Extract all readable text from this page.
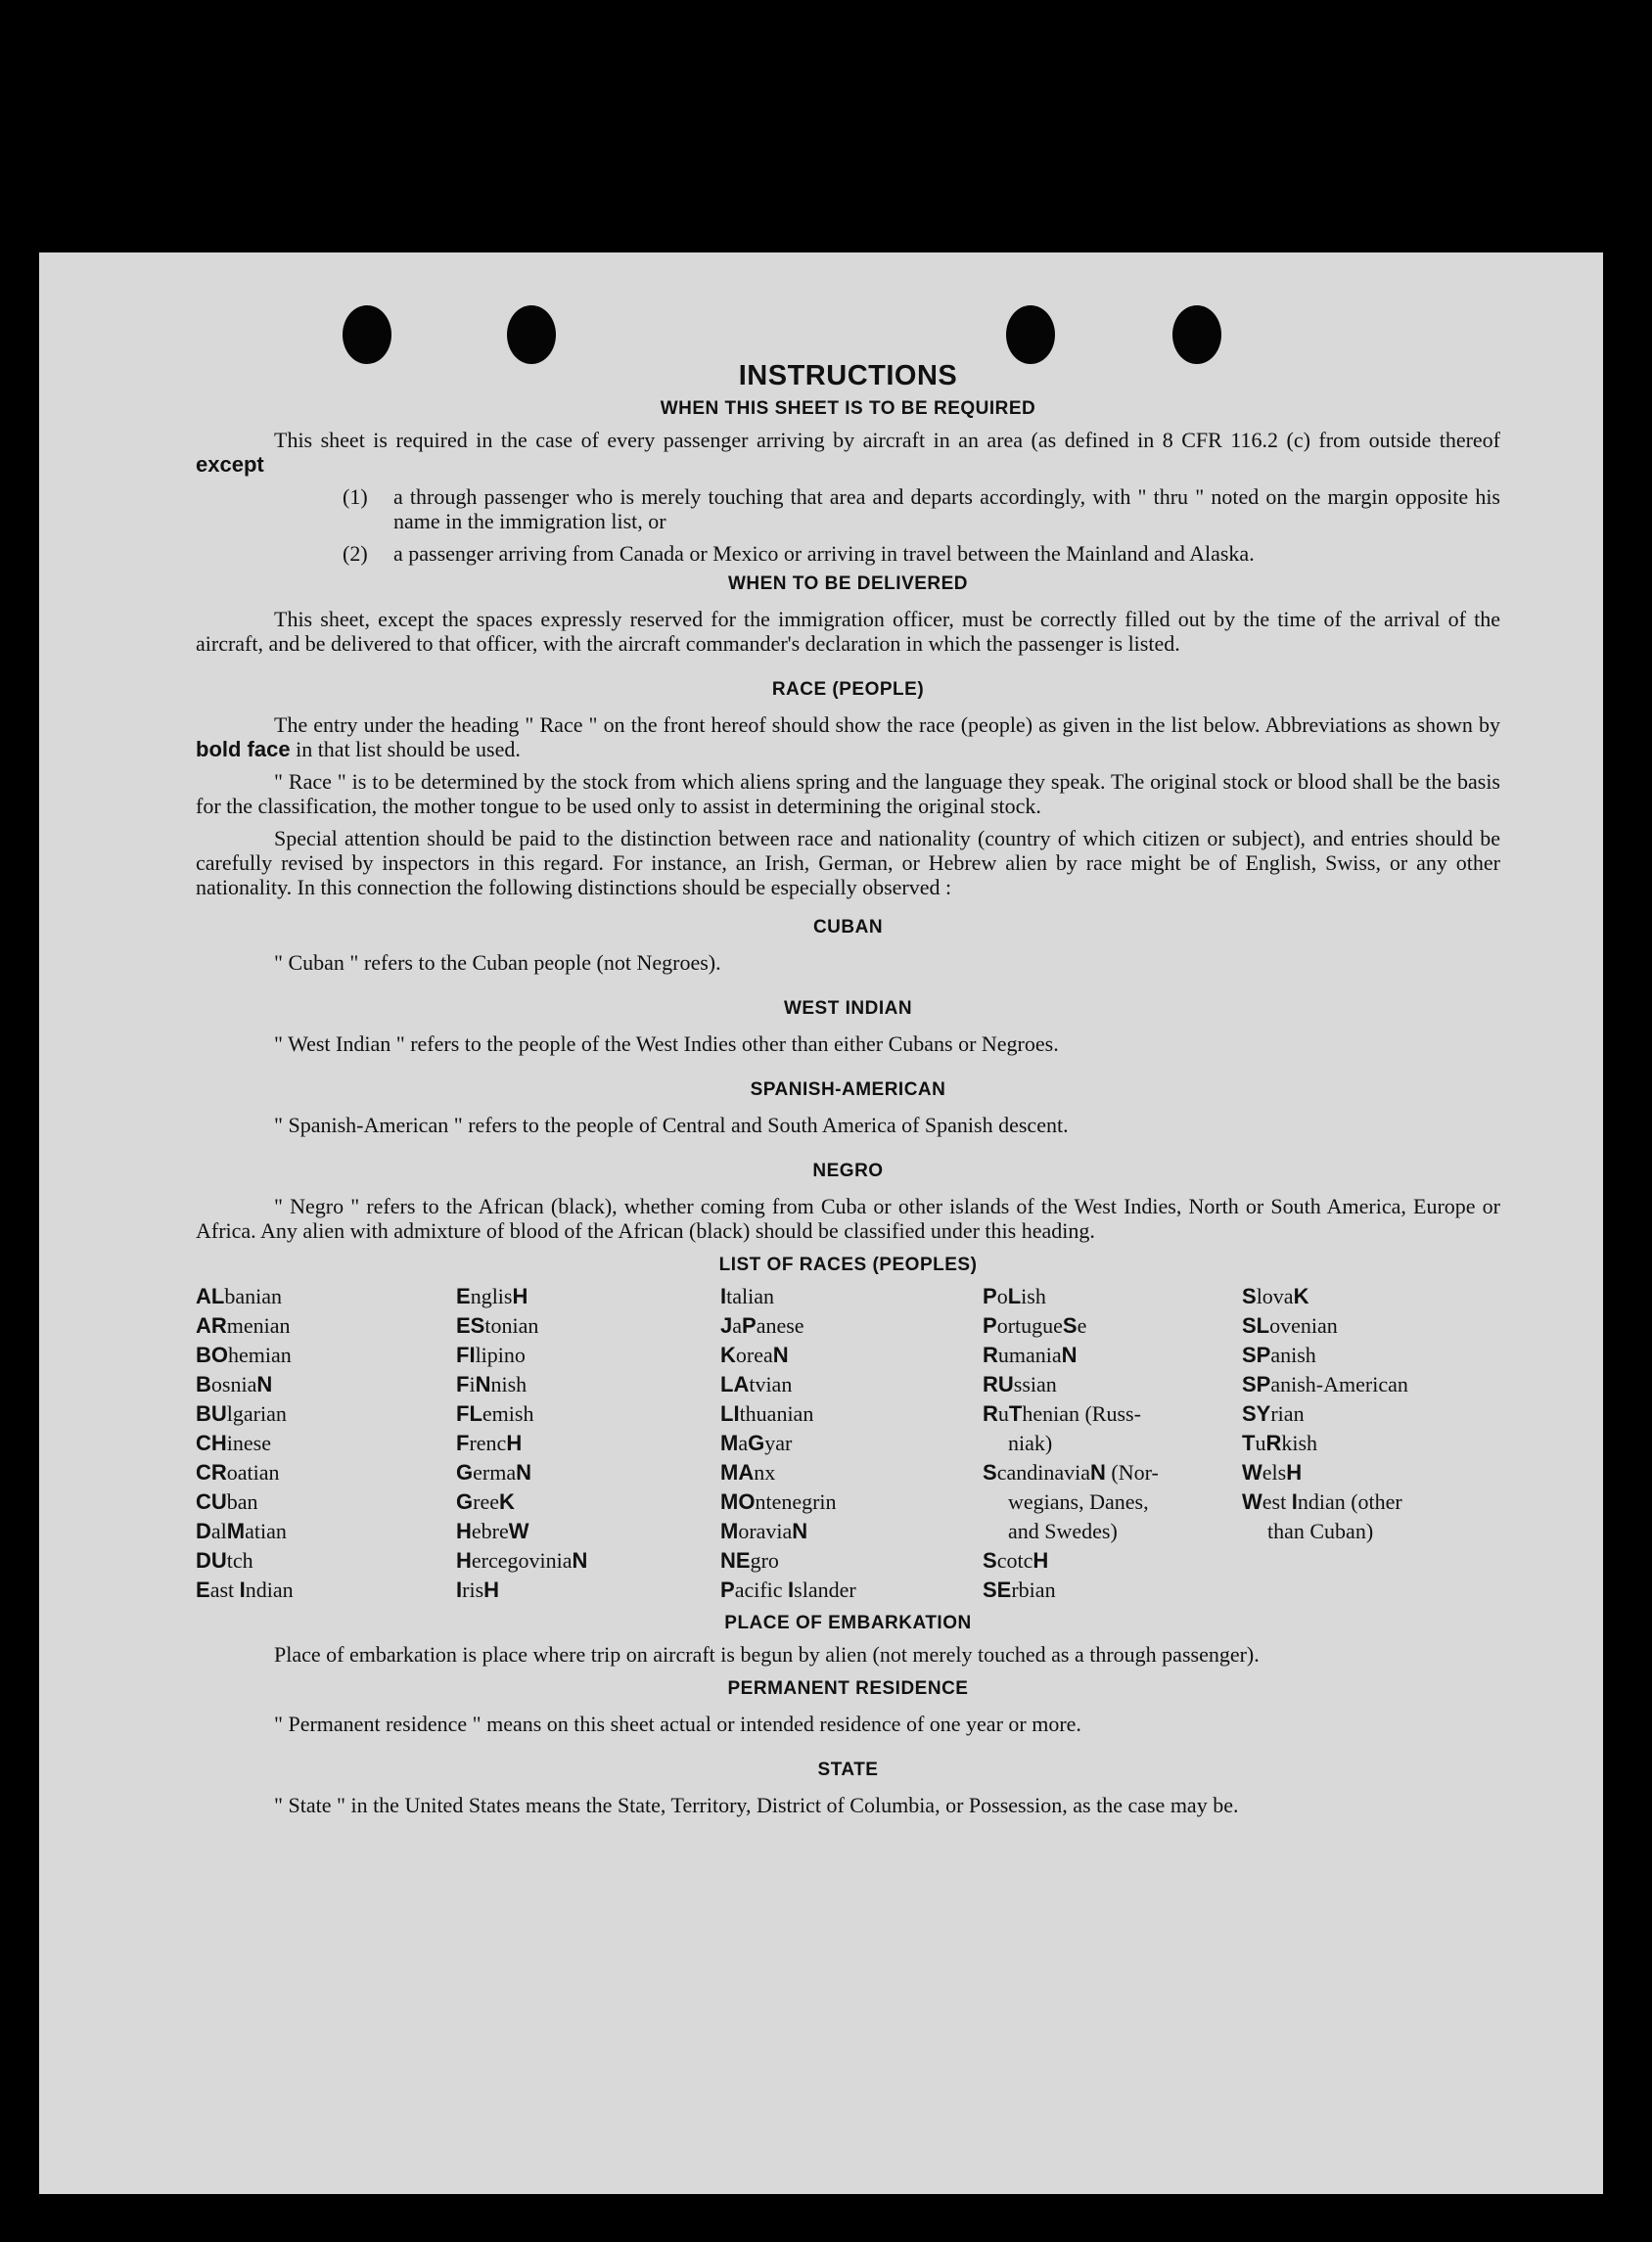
INSTRUCTIONS
WHEN THIS SHEET IS TO BE REQUIRED

This sheet is required in the case of every passenger arriving by aircraft in an area (as defined in 8 CFR 116.2 (c) from outside thereof except

(1)	a through passenger who is merely touching that area and departs accordingly, with " thru " noted on the margin opposite his name in the immigration list, or
(2)	a passenger arriving from Canada or Mexico or arriving in travel between the Mainland and Alaska.
WHEN TO BE DELIVERED

This sheet, except the spaces expressly reserved for the immigration officer, must be correctly filled out by the time of the arrival of the aircraft, and be delivered to that officer, with the aircraft commander's declaration in which the passenger is listed.

RACE (PEOPLE)

The entry under the heading " Race " on the front hereof should show the race (people) as given in the list below. Abbreviations as shown by bold face in that list should be used.

" Race " is to be determined by the stock from which aliens spring and the language they speak. The original stock or blood shall be the basis for the classification, the mother tongue to be used only to assist in determining the original stock.

Special attention should be paid to the distinction between race and nationality (country of which citizen or subject), and entries should be carefully revised by inspectors in this regard. For instance, an Irish, German, or Hebrew alien by race might be of English, Swiss, or any other nationality. In this connection the following distinctions should be especially observed :

CUBAN

" Cuban " refers to the Cuban people (not Negroes).

WEST INDIAN

" West Indian " refers to the people of the West Indies other than either Cubans or Negroes.

SPANISH-AMERICAN

" Spanish-American " refers to the people of Central and South America of Spanish descent.

NEGRO

" Negro " refers to the African (black), whether coming from Cuba or other islands of the West Indies, North or South America, Europe or Africa. Any alien with admixture of blood of the African (black) should be classified under this heading.

LIST OF RACES (PEOPLES)
ALbanian
ARmenian
BOhemian
BosniaN
BUlgarian
CHinese
CRoatian
CUban
DalMatian
DUtch
East Indian
EnglisH
EStonian
FIlipino
FiNnish
FLemish
FrencH
GermaN
GreeK
HebreW
HercegoviniaN
IrisH
Italian
JaPanese
KoreaN
LAtvian
LIthuanian
MaGyar
MAnx
MOntenegrin
MoraviaN
NEgro
Pacific Islander
PoLish
PortugueSe
RumaniaN
RUssian
RuThenian (Russ-
niak)
ScandinaviaN (Nor-
wegians, Danes,
and Swedes)
ScotcH
SErbian
SlovaK
SLovenian
SPanish
SPanish-American
SYrian
TuRkish
WelsH
West Indian (other
than Cuban)
PLACE OF EMBARKATION

Place of embarkation is place where trip on aircraft is begun by alien (not merely touched as a through passenger).

PERMANENT RESIDENCE

" Permanent residence " means on this sheet actual or intended residence of one year or more.

STATE

" State " in the United States means the State, Territory, District of Columbia, or Possession, as the case may be.
